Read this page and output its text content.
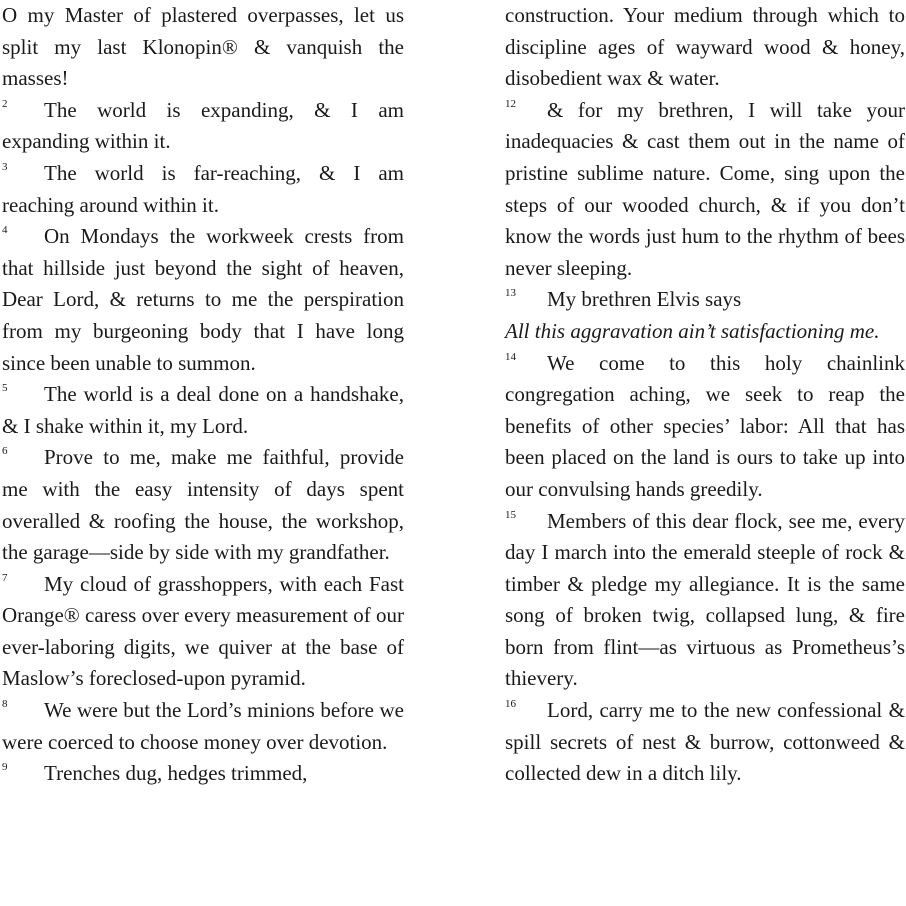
O my Master of plastered overpasses, let us split my last Klonopin® & vanquish the masses!

2 The world is expanding, & I am expanding within it.

3 The world is far-reaching, & I am reaching around within it.

4 On Mondays the workweek crests from that hillside just beyond the sight of heaven, Dear Lord, & returns to me the perspiration from my burgeoning body that I have long since been unable to summon.

5 The world is a deal done on a handshake, & I shake within it, my Lord.

6 Prove to me, make me faithful, provide me with the easy intensity of days spent overalled & roofing the house, the workshop, the garage—side by side with my grandfather.

7 My cloud of grasshoppers, with each Fast Orange® caress over every measurement of our ever-laboring digits, we quiver at the base of Maslow’s foreclosed-upon pyramid.

8 We were but the Lord’s minions before we were coerced to choose money over devotion.

9 Trenches dug, hedges trimmed,

construction. Your medium through which to discipline ages of wayward wood & honey, disobedient wax & water.

12 & for my brethren, I will take your inadequacies & cast them out in the name of pristine sublime nature. Come, sing upon the steps of our wooded church, & if you don’t know the words just hum to the rhythm of bees never sleeping.

13 My brethren Elvis says

All this aggravation ain’t satisfactioning me.

14 We come to this holy chainlink congregation aching, we seek to reap the benefits of other species’ labor: All that has been placed on the land is ours to take up into our convulsing hands greedily.

15 Members of this dear flock, see me, every day I march into the emerald steeple of rock & timber & pledge my allegiance. It is the same song of broken twig, collapsed lung, & fire born from flint—as virtuous as Prometheus’s thievery.

16 Lord, carry me to the new confessional & spill secrets of nest & burrow, cottonweed & collected dew in a ditch lily.
